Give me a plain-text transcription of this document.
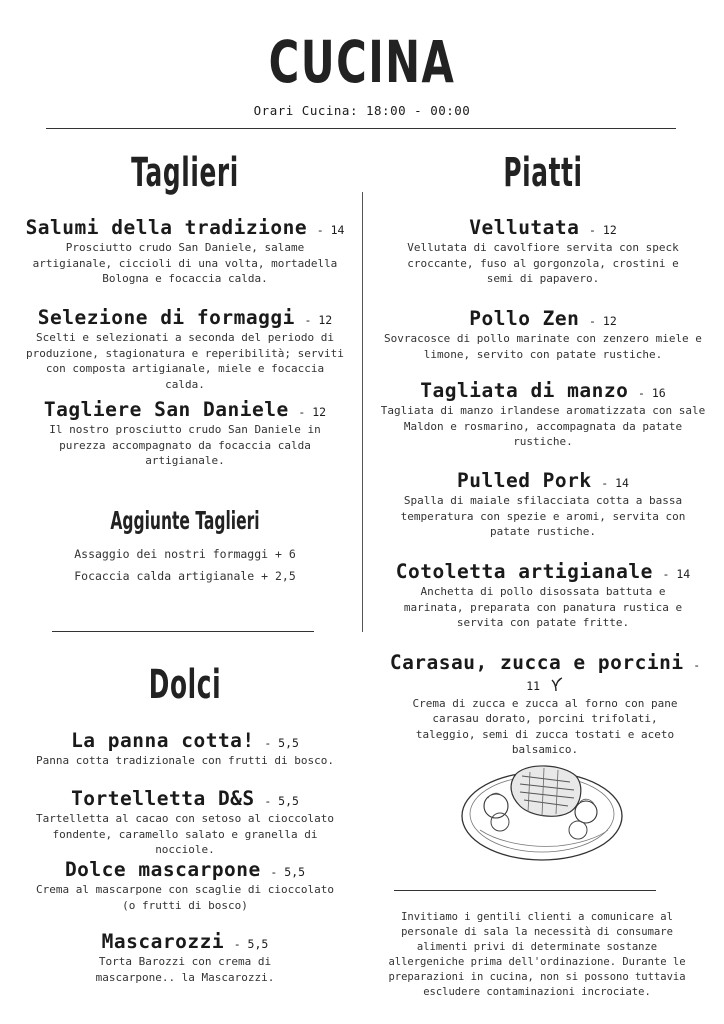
CUCINA
Orari Cucina: 18:00 - 00:00
Taglieri
Salumi della tradizione - 14
Prosciutto crudo San Daniele, salame artigianale, ciccioli di una volta, mortadella Bologna e focaccia calda.
Selezione di formaggi - 12
Scelti e selezionati a seconda del periodo di produzione, stagionatura e reperibilità; serviti con composta artigianale, miele e focaccia calda.
Tagliere San Daniele - 12
Il nostro prosciutto crudo San Daniele in purezza accompagnato da focaccia calda artigianale.
Aggiunte Taglieri
Assaggio dei nostri formaggi + 6
Focaccia calda artigianale + 2,5
Dolci
La panna cotta! - 5,5
Panna cotta tradizionale con frutti di bosco.
Tortelletta D&S - 5,5
Tartelletta al cacao con setoso al cioccolato fondente, caramello salato e granella di nocciole.
Dolce mascarpone - 5,5
Crema al mascarpone con scaglie di cioccolato (o frutti di bosco)
Mascarozzi - 5,5
Torta Barozzi con crema di mascarpone.. la Mascarozzi.
Piatti
Vellutata - 12
Vellutata di cavolfiore servita con speck croccante, fuso al gorgonzola, crostini e semi di papavero.
Pollo Zen - 12
Sovracosce di pollo marinate con zenzero miele e limone, servito con patate rustiche.
Tagliata di manzo - 16
Tagliata di manzo irlandese aromatizzata con sale Maldon e rosmarino, accompagnata da patate rustiche.
Pulled Pork - 14
Spalla di maiale sfilacciata cotta a bassa temperatura con spezie e aromi, servita con patate rustiche.
Cotoletta artigianale - 14
Anchetta di pollo disossata battuta e marinata, preparata con panatura rustica e servita con patate fritte.
Carasau, zucca e porcini - 11
Crema di zucca e zucca al forno con pane carasau dorato, porcini trifolati, taleggio, semi di zucca tostati e aceto balsamico.
Invitiamo i gentili clienti a comunicare al personale di sala la necessità di consumare alimenti privi di determinate sostanze allergeniche prima dell'ordinazione. Durante le preparazioni in cucina, non si possono tuttavia escludere contaminazioni incrociate.
